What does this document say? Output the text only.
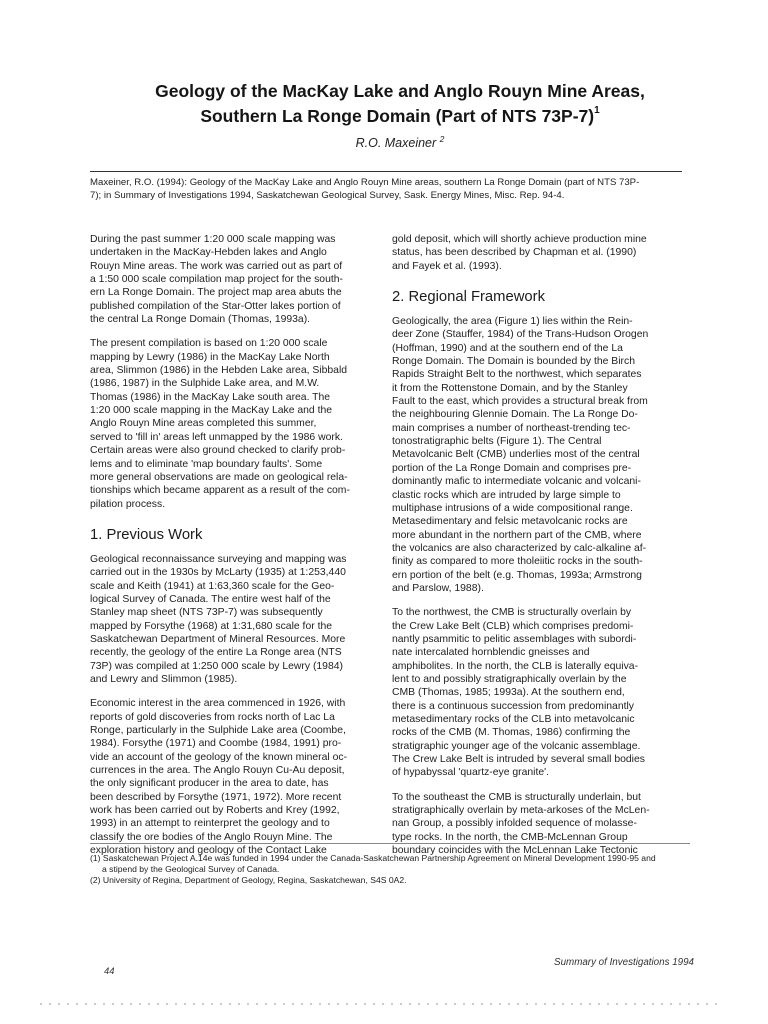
Geology of the MacKay Lake and Anglo Rouyn Mine Areas,
Southern La Ronge Domain (Part of NTS 73P-7)$^1$
R.O. Maxeiner $^2$

Maxeiner, R.O. (1994): Geology of the MacKay Lake and Anglo Rouyn Mine areas, southern La Ronge Domain (part of NTS 73P-
7); in Summary of Investigations 1994, Saskatchewan Geological Survey, Sask. Energy Mines, Misc. Rep. 94-4.

During the past summer 1:20 000 scale mapping was
undertaken in the MacKay-Hebden lakes and Anglo
Rouyn Mine areas. The work was carried out as part of
a 1:50 000 scale compilation map project for the south-
ern La Ronge Domain. The project map area abuts the
published compilation of the Star-Otter lakes portion of
the central La Ronge Domain (Thomas, 1993a).

The present compilation is based on 1:20 000 scale
mapping by Lewry (1986) in the MacKay Lake North
area, Slimmon (1986) in the Hebden Lake area, Sibbald
(1986, 1987) in the Sulphide Lake area, and M.W.
Thomas (1986) in the MacKay Lake south area. The
1:20 000 scale mapping in the MacKay Lake and the
Anglo Rouyn Mine areas completed this summer,
served to 'fill in' areas left unmapped by the 1986 work.
Certain areas were also ground checked to clarify prob-
lems and to eliminate 'map boundary faults'. Some
more general observations are made on geological rela-
tionships which became apparent as a result of the com-
pilation process.

1. Previous Work

Geological reconnaissance surveying and mapping was
carried out in the 1930s by McLarty (1935) at 1:253,440
scale and Keith (1941) at 1:63,360 scale for the Geo-
logical Survey of Canada. The entire west half of the
Stanley map sheet (NTS 73P-7) was subsequently
mapped by Forsythe (1968) at 1:31,680 scale for the
Saskatchewan Department of Mineral Resources. More
recently, the geology of the entire La Ronge area (NTS
73P) was compiled at 1:250 000 scale by Lewry (1984)
and Lewry and Slimmon (1985).

Economic interest in the area commenced in 1926, with
reports of gold discoveries from rocks north of Lac La
Ronge, particularly in the Sulphide Lake area (Coombe,
1984). Forsythe (1971) and Coombe (1984, 1991) pro-
vide an account of the geology of the known mineral oc-
currences in the area. The Anglo Rouyn Cu-Au deposit,
the only significant producer in the area to date, has
been described by Forsythe (1971, 1972). More recent
work has been carried out by Roberts and Krey (1992,
1993) in an attempt to reinterpret the geology and to
classify the ore bodies of the Anglo Rouyn Mine. The
exploration history and geology of the Contact Lake

gold deposit, which will shortly achieve production mine
status, has been described by Chapman et al. (1990)
and Fayek et al. (1993).

2. Regional Framework

Geologically, the area (Figure 1) lies within the Rein-
deer Zone (Stauffer, 1984) of the Trans-Hudson Orogen
(Hoffman, 1990) and at the southern end of the La
Ronge Domain. The Domain is bounded by the Birch
Rapids Straight Belt to the northwest, which separates
it from the Rottenstone Domain, and by the Stanley
Fault to the east, which provides a structural break from
the neighbouring Glennie Domain. The La Ronge Do-
main comprises a number of northeast-trending tec-
tonostratigraphic belts (Figure 1). The Central
Metavolcanic Belt (CMB) underlies most of the central
portion of the La Ronge Domain and comprises pre-
dominantly mafic to intermediate volcanic and volcani-
clastic rocks which are intruded by large simple to
multiphase intrusions of a wide compositional range.
Metasedimentary and felsic metavolcanic rocks are
more abundant in the northern part of the CMB, where
the volcanics are also characterized by calc-alkaline af-
finity as compared to more tholeiitic rocks in the south-
ern portion of the belt (e.g. Thomas, 1993a; Armstrong
and Parslow, 1988).

To the northwest, the CMB is structurally overlain by
the Crew Lake Belt (CLB) which comprises predomi-
nantly psammitic to pelitic assemblages with subordi-
nate intercalated hornblendic gneisses and
amphibolites. In the north, the CLB is laterally equiva-
lent to and possibly stratigraphically overlain by the
CMB (Thomas, 1985; 1993a). At the southern end,
there is a continuous succession from predominantly
metasedimentary rocks of the CLB into metavolcanic
rocks of the CMB (M. Thomas, 1986) confirming the
stratigraphic younger age of the volcanic assemblage.
The Crew Lake Belt is intruded by several small bodies
of hypabyssal 'quartz-eye granite'.

To the southeast the CMB is structurally underlain, but
stratigraphically overlain by meta-arkoses of the McLen-
nan Group, a possibly infolded sequence of molasse-
type rocks. In the north, the CMB-McLennan Group
boundary coincides with the McLennan Lake Tectonic

(1) Saskatchewan Project A.14e was funded in 1994 under the Canada-Saskatchewan Partnership Agreement on Mineral Development 1990-95 and
a stipend by the Geological Survey of Canada.
(2) University of Regina, Department of Geology, Regina, Saskatchewan, S4S 0A2.
44
Summary of Investigations 1994
